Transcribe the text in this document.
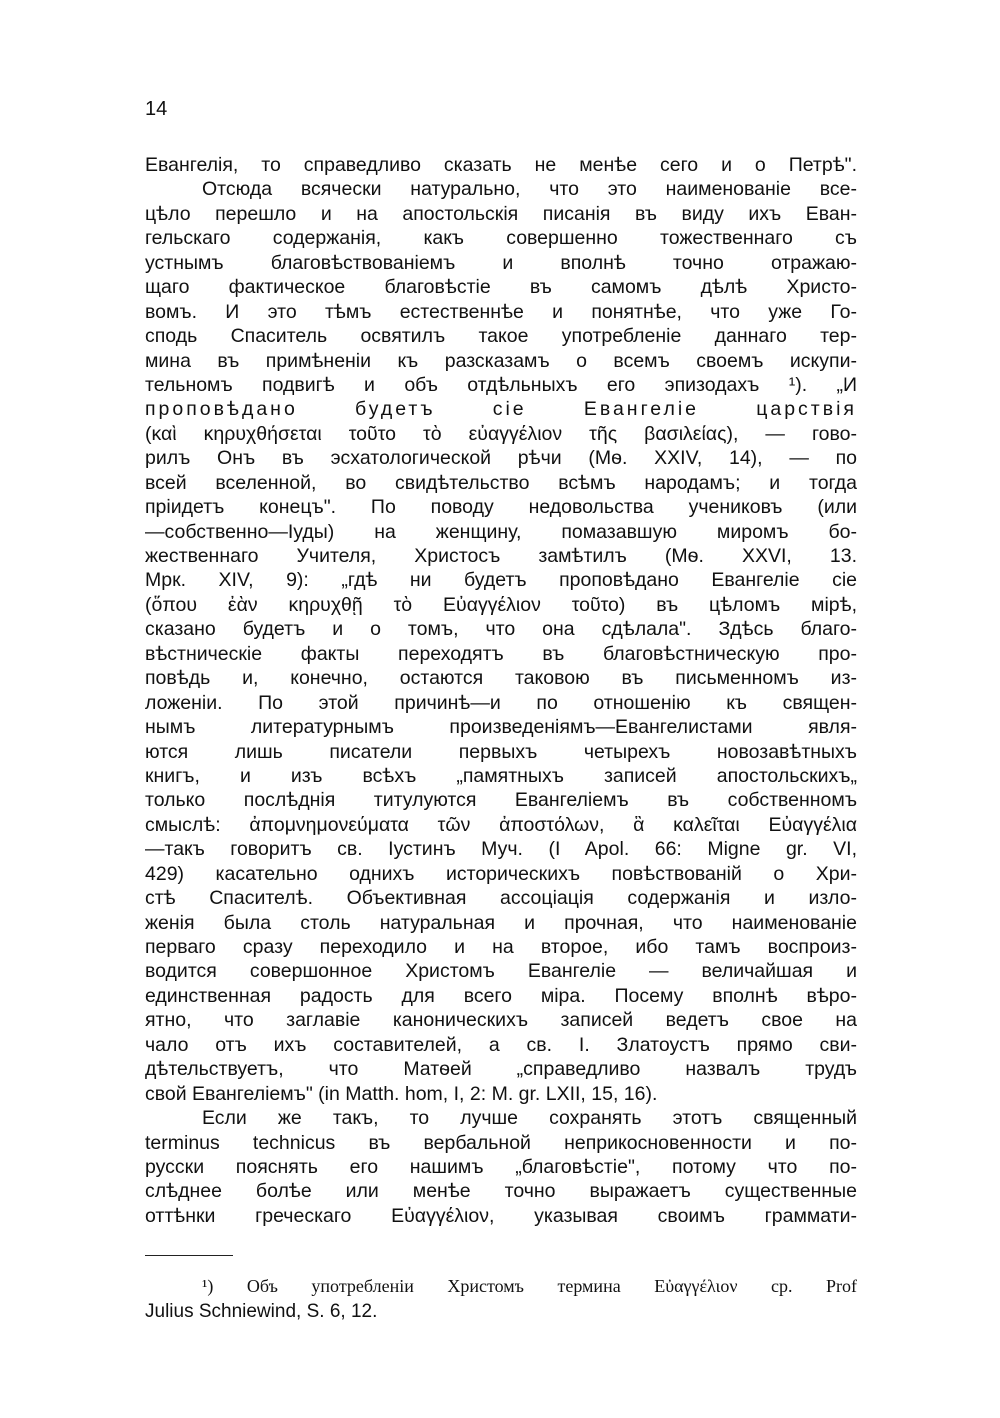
14
Евангелія, то справедливо сказать не менѣе сего и о Петрѣ".
Отсюда всячески натурально, что это наименованіе все-
цѣло перешло и на апостольскія писанія въ виду ихъ Еван-
гельскаго содержанія, какъ совершенно тожественнаго съ
устнымъ благовѣствованіемъ и вполнѣ точно отражаю-
щаго фактическое благовѣстіе въ самомъ дѣлѣ Христо-
вомъ. И это тѣмъ естественнѣе и понятнѣе, что уже Го-
сподь Спаситель освятилъ такое употребленіе даннаго тер-
мина въ примѣненіи къ разсказамъ о всемъ своемъ искупи-
тельномъ подвигѣ и объ отдѣльныхъ его эпизодахъ ¹). „И
проповѣдано будетъ сіе Евангеліе царствія
(καὶ κηρυχθήσεται τοῦτο τὸ εὐαγγέλιον τῆς βασιλείας), — гово-
рилъ Онъ въ эсхатологической рѣчи (Мѳ. XXIV, 14), — по
всей вселенной, во свидѣтельство всѣмъ народамъ; и тогда
пріидетъ конецъ". По поводу недовольства учениковъ (или
—собственно—Іуды) на женщину, помазавшую миромъ бо-
жественнаго Учителя, Христосъ замѣтилъ (Мѳ. XXVI, 13.
Мрк. XIV, 9): „гдѣ ни будетъ проповѣдано Евангеліе сіе
(ὅπου ἐὰν κηρυχθῇ τὸ Εὐαγγέλιον τοῦτο) въ цѣломъ мірѣ,
сказано будетъ и о томъ, что она сдѣлала". Здѣсь благо-
вѣстническіе факты переходятъ въ благовѣстническую про-
повѣдь и, конечно, остаются таковою въ письменномъ из-
ложеніи. По этой причинѣ—и по отношенію къ священ-
нымъ литературнымъ произведеніямъ—Евангелистами явля-
ются лишь писатели первыхъ четырехъ новозавѣтныхъ
книгъ, и изъ всѣхъ „памятныхъ записей апостольскихъ„
только послѣднія титулуются Евангеліемъ въ собственномъ
смыслѣ: ἀπομνημονεύματα τῶν ἀποστόλων, ἃ καλεῖται Εὐαγγέλια
—такъ говоритъ св. Іустинъ Муч. (I Apol. 66: Migne gr. VI,
429) касательно однихъ историческихъ повѣствованій о Хри-
стѣ Спасителѣ. Объективная ассоціація содержанія и изло-
женія была столь натуральная и прочная, что наименованіе
перваго сразу переходило и на второе, ибо тамъ воспроиз-
водится совершонное Христомъ Евангеліе — величайшая и
единственная радость для всего міра. Посему вполнѣ вѣро-
ятно, что заглавіе каноническихъ записей ведетъ свое на
чало отъ ихъ составителей, а св. І. Златоустъ прямо сви-
дѣтельствуетъ, что Матѳей „справедливо назвалъ трудъ
свой Евангеліемъ" (in Matth. hom, I, 2: M. gr. LXII, 15, 16).
Если же такъ, то лучше сохранять этотъ священный
terminus technicus въ вербальной неприкосновенности и по-
русски пояснять его нашимъ „благовѣстіе", потому что по-
слѣднее болѣе или менѣе точно выражаетъ существенные
оттѣнки греческаго Εὐαγγέλιον, указывая своимъ граммати-
¹) Объ употребленіи Христомъ термина Εὐαγγέλιον ср. Prof
Julius Schniewind, S. 6, 12.
